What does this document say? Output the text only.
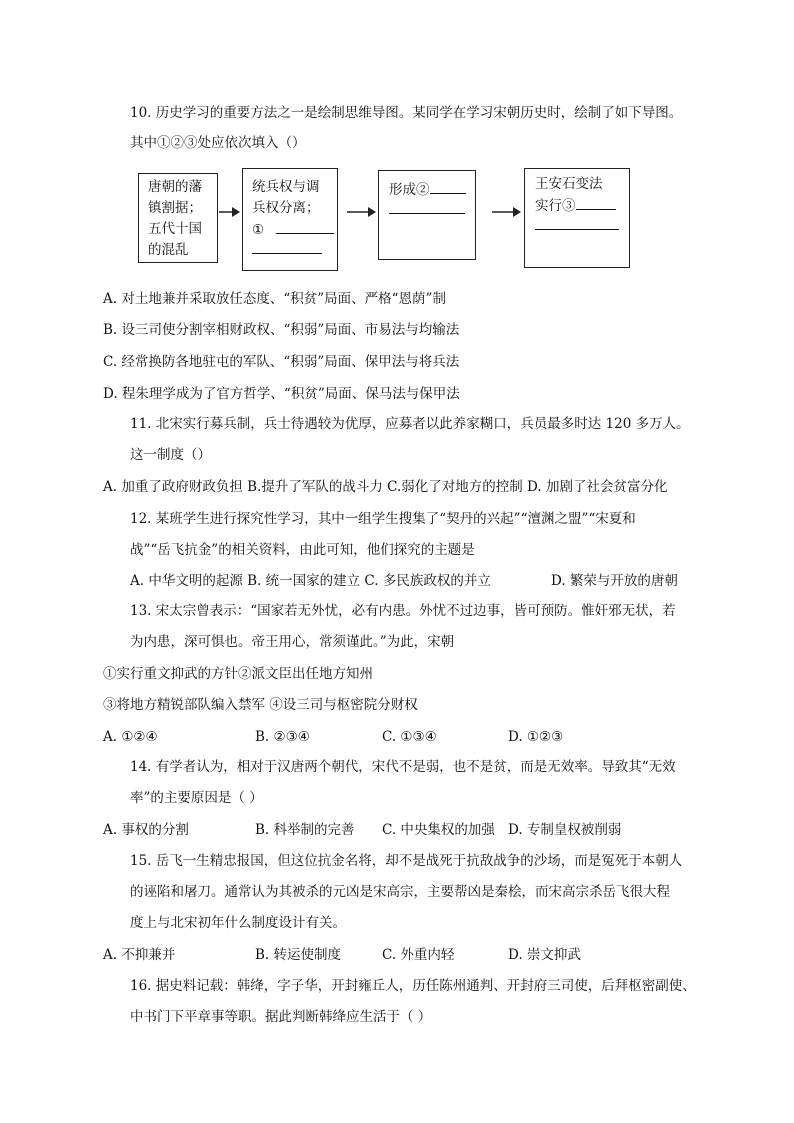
10. 历史学习的重要方法之一是绘制思维导图。某同学在学习宋朝历史时，绘制了如下导图。
其中①②③处应依次填入（）
唐朝的藩
镇割据；
五代十国
的混乱
统兵权与调
兵权分离；
①
形成②	王安石变法
实行③
A. 对土地兼并采取放任态度、“积贫”局面、严格“恩荫”制
B. 设三司使分割宰相财政权、“积弱”局面、市易法与均输法
C. 经常换防各地驻屯的军队、“积弱”局面、保甲法与将兵法
D. 程朱理学成为了官方哲学、“积贫”局面、保马法与保甲法
11. 北宋实行募兵制，兵士待遇较为优厚，应募者以此养家糊口，兵员最多时达 120 多万人。
这一制度（）
A. 加重了政府财政负担 B.提升了军队的战斗力 C.弱化了对地方的控制 D. 加剧了社会贫富分化
12. 某班学生进行探究性学习，其中一组学生搜集了“契丹的兴起”“澶渊之盟”“宋夏和
战”“岳飞抗金”的相关资料，由此可知，他们探究的主题是
A. 中华文明的起源 B. 统一国家的建立 C. 多民族政权的并立	D. 繁荣与开放的唐朝
13. 宋太宗曾表示：“国家若无外忧，必有内患。外忧不过边事，皆可预防。惟奸邪无状，若
为内患，深可惧也。帝王用心，常须谨此。”为此，宋朝
①实行重文抑武的方针②派文臣出任地方知州
③将地方精锐部队编入禁军 ④设三司与枢密院分财权
A. ①②④	B. ②③④	C. ①③④	D. ①②③
14. 有学者认为，相对于汉唐两个朝代，宋代不是弱，也不是贫，而是无效率。导致其“无效
率”的主要原因是（ ）
A. 事权的分割	B. 科举制的完善 C. 中央集权的加强 D. 专制皇权被削弱
15. 岳飞一生精忠报国，但这位抗金名将，却不是战死于抗敌战争的沙场，而是冤死于本朝人
的诬陷和屠刀。通常认为其被杀的元凶是宋高宗，主要帮凶是秦桧，而宋高宗杀岳飞很大程
度上与北宋初年什么制度设计有关。
A. 不抑兼并	B. 转运使制度	C. 外重内轻	D. 崇文抑武
16. 据史料记载：韩绛，字子华，开封雍丘人，历任陈州通判、开封府三司使，后拜枢密副使、
中书门下平章事等职。据此判断韩绛应生活于（ ）
